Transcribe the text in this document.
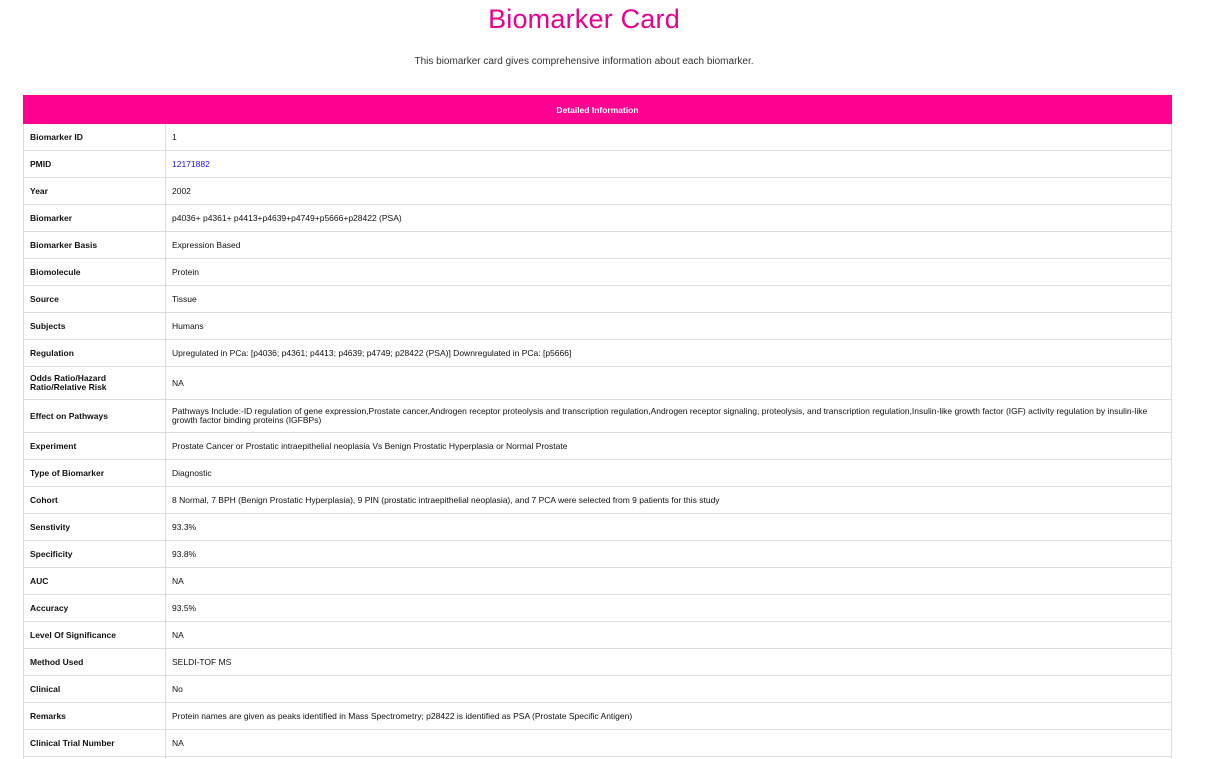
Biomarker Card
This biomarker card gives comprehensive information about each biomarker.
Detailed Information	
Biomarker ID	1
PMID	12171882
Year	2002
Biomarker	p4036+ p4361+ p4413+p4639+p4749+p5666+p28422 (PSA)
Biomarker Basis	Expression Based
Biomolecule	Protein
Source	Tissue
Subjects	Humans
Regulation	Upregulated in PCa: [p4036; p4361; p4413; p4639; p4749; p28422 (PSA)] Downregulated in PCa: [p5666]
Odds Ratio/Hazard Ratio/Relative Risk	NA
Effect on Pathways	Pathways Include:-ID regulation of gene expression,Prostate cancer,Androgen receptor proteolysis and transcription regulation,Androgen receptor signaling, proteolysis, and transcription regulation,Insulin-like growth factor (IGF) activity regulation by insulin-like growth factor binding proteins (IGFBPs)
Experiment	Prostate Cancer or Prostatic intraepithelial neoplasia Vs Benign Prostatic Hyperplasia or Normal Prostate
Type of Biomarker	Diagnostic
Cohort	8 Normal, 7 BPH (Benign Prostatic Hyperplasia), 9 PIN (prostatic intraepithelial neoplasia), and 7 PCA were selected from 9 patients for this study
Senstivity	93.3%
Specificity	93.8%
AUC	NA
Accuracy	93.5%
Level Of Significance	NA
Method Used	SELDI-TOF MS
Clinical	No
Remarks	Protein names are given as peaks identified in Mass Spectrometry; p28422 is identified as PSA (Prostate Specific Antigen)
Clinical Trial Number	NA
